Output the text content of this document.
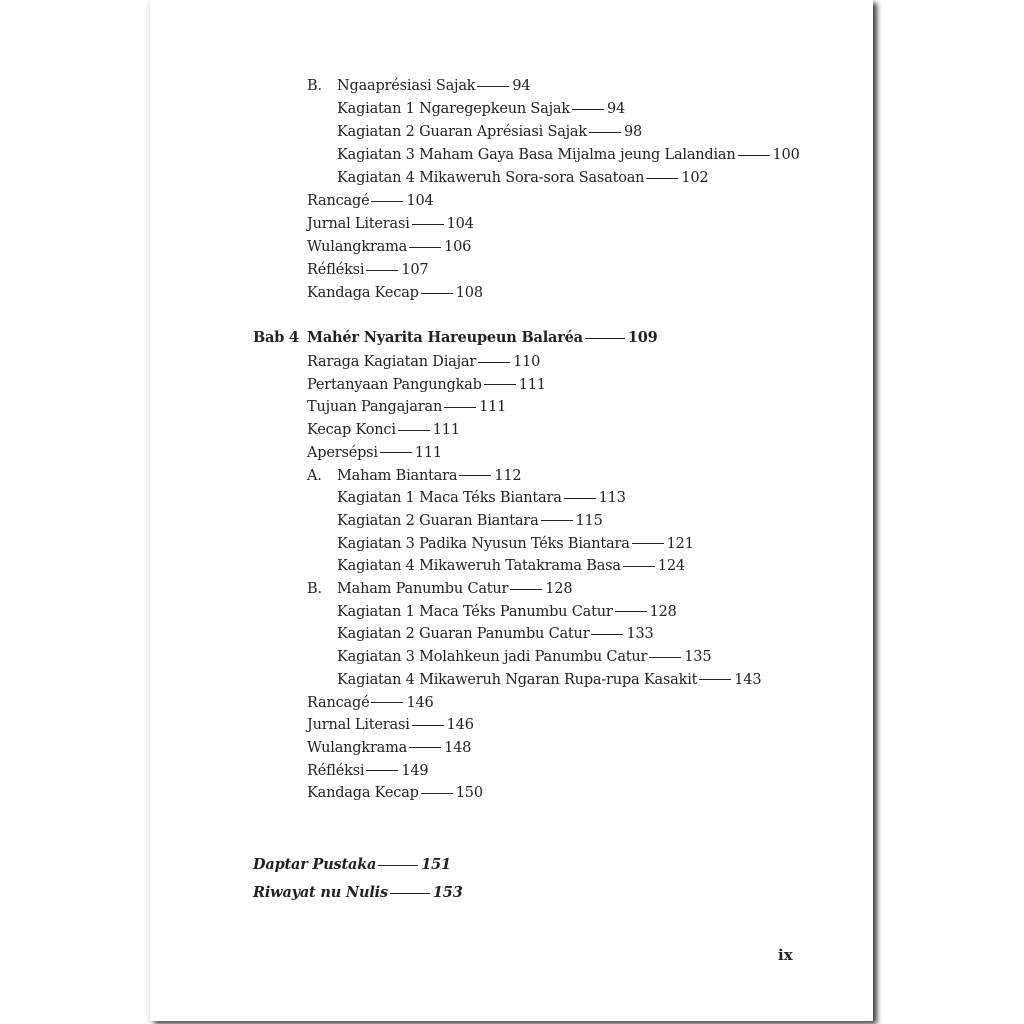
B. Ngaaprésiasi Sajak	94
Kagiatan 1 Ngaregepkeun Sajak	94
Kagiatan 2 Guaran Aprésiasi Sajak	98
Kagiatan 3 Maham Gaya Basa Mijalma jeung Lalandian	100
Kagiatan 4 Mikaweruh Sora-sora Sasatoan	102
Rancagé	104
Jurnal Literasi	104
Wulangkrama	106
Réfléksi	107
Kandaga Kecap	108
Bab 4 Mahér Nyarita Hareupeun Balaréa	109
Raraga Kagiatan Diajar	110
Pertanyaan Pangungkab	111
Tujuan Pangajaran	111
Kecap Konci	111
Apersépsi	111
A. Maham Biantara	112
Kagiatan 1 Maca Téks Biantara	113
Kagiatan 2 Guaran Biantara	115
Kagiatan 3 Padika Nyusun Téks Biantara	121
Kagiatan 4 Mikaweruh Tatakrama Basa	124
B. Maham Panumbu Catur	128
Kagiatan 1 Maca Téks Panumbu Catur	128
Kagiatan 2 Guaran Panumbu Catur	133
Kagiatan 3 Molahkeun jadi Panumbu Catur	135
Kagiatan 4 Mikaweruh Ngaran Rupa-rupa Kasakit	143
Rancagé	146
Jurnal Literasi	146
Wulangkrama	148
Réfléksi	149
Kandaga Kecap	150
Daptar Pustaka	151
Riwayat nu Nulis	153
ix
